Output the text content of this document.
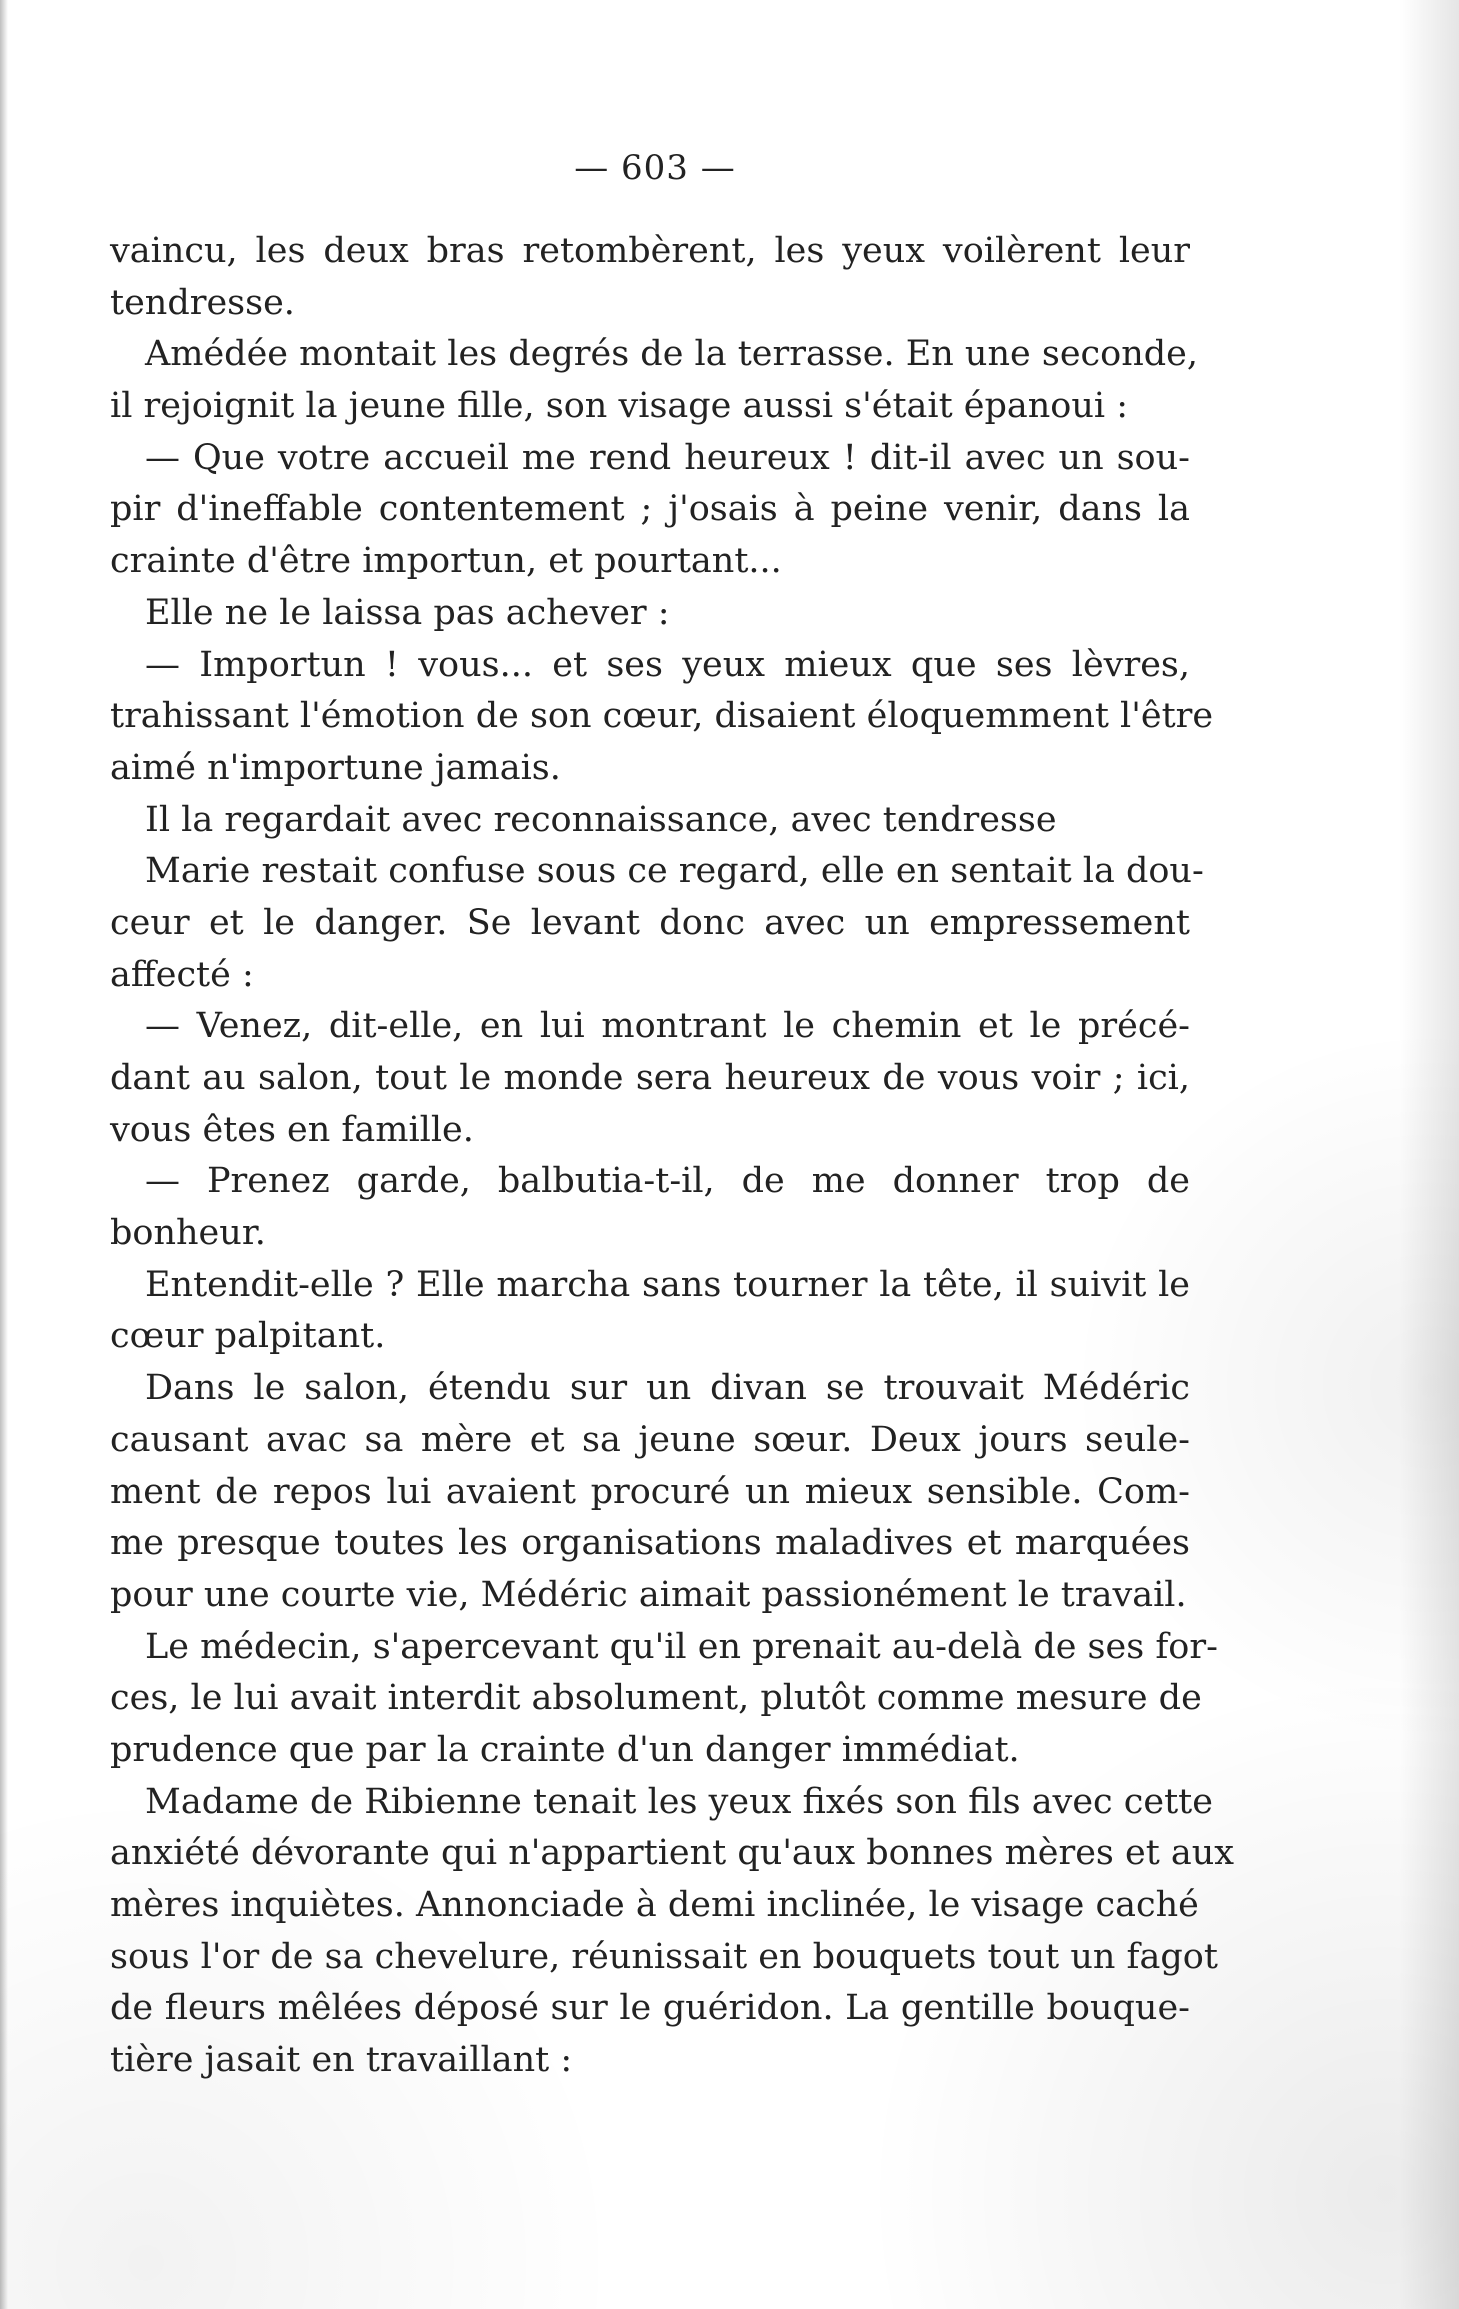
— 603 —
vaincu, les deux bras retombèrent, les yeux voilèrent leur
tendresse.
Amédée montait les degrés de la terrasse. En une seconde,
il rejoignit la jeune fille, son visage aussi s'était épanoui :
— Que votre accueil me rend heureux ! dit-il avec un sou-
pir d'ineffable contentement ; j'osais à peine venir, dans la
crainte d'être importun, et pourtant...
Elle ne le laissa pas achever :
— Importun ! vous... et ses yeux mieux que ses lèvres,
trahissant l'émotion de son cœur, disaient éloquemment l'être
aimé n'importune jamais.
Il la regardait avec reconnaissance, avec tendresse
Marie restait confuse sous ce regard, elle en sentait la dou-
ceur et le danger. Se levant donc avec un empressement
affecté :
— Venez, dit-elle, en lui montrant le chemin et le précé-
dant au salon, tout le monde sera heureux de vous voir ; ici,
vous êtes en famille.
— Prenez garde, balbutia-t-il, de me donner trop de
bonheur.
Entendit-elle ? Elle marcha sans tourner la tête, il suivit le
cœur palpitant.
Dans le salon, étendu sur un divan se trouvait Médéric
causant avac sa mère et sa jeune sœur. Deux jours seule-
ment de repos lui avaient procuré un mieux sensible. Com-
me presque toutes les organisations maladives et marquées
pour une courte vie, Médéric aimait passionément le travail.
Le médecin, s'apercevant qu'il en prenait au-delà de ses for-
ces, le lui avait interdit absolument, plutôt comme mesure de
prudence que par la crainte d'un danger immédiat.
Madame de Ribienne tenait les yeux fixés son fils avec cette
anxiété dévorante qui n'appartient qu'aux bonnes mères et aux
mères inquiètes. Annonciade à demi inclinée, le visage caché
sous l'or de sa chevelure, réunissait en bouquets tout un fagot
de fleurs mêlées déposé sur le guéridon. La gentille bouque-
tière jasait en travaillant :
